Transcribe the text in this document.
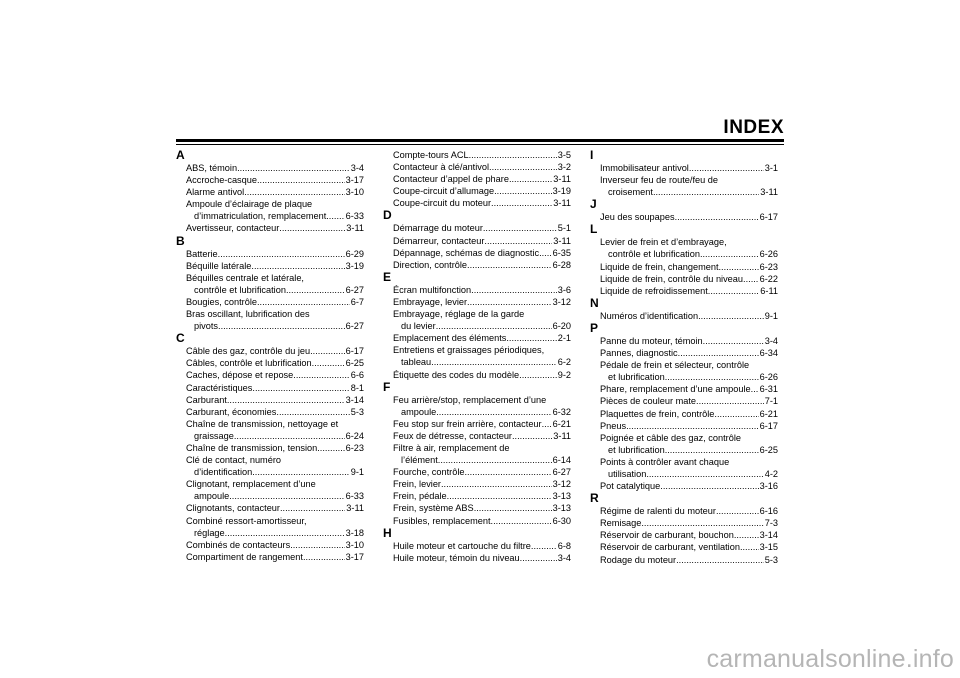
INDEX
A
ABS, témoin .....	3-4
Accroche-casque .....	3-17
Alarme antivol .....	3-10
Ampoule d’éclairage de plaque
d’immatriculation, remplacement ..... 6-33
Avertisseur, contacteur .....	3-11
B
Batterie .....	6-29
Béquille latérale .....	3-19
Béquilles centrale et latérale,
contrôle et lubrification .....	6-27
Bougies, contrôle .....	6-7
Bras oscillant, lubrification des
pivots .....	6-27
C
Câble des gaz, contrôle du jeu .....	6-17
Câbles, contrôle et lubrification .....	6-25
Caches, dépose et repose .....	6-6
Caractéristiques .....	8-1
Carburant .....	3-14
Carburant, économies .....	5-3
Chaîne de transmission, nettoyage et
graissage .....	6-24
Chaîne de transmission, tension .....	6-23
Clé de contact, numéro
d’identification .....	9-1
Clignotant, remplacement d’une
ampoule .....	6-33
Clignotants, contacteur .....	3-11
Combiné ressort-amortisseur,
réglage .....	3-18
Combinés de contacteurs .....	3-10
Compartiment de rangement .....	3-17
Compte-tours ACL .....	3-5
Contacteur à clé/antivol .....	3-2
Contacteur d’appel de phare .....	3-11
Coupe-circuit d’allumage .....	3-19
Coupe-circuit du moteur .....	3-11
D
Démarrage du moteur .....	5-1
Démarreur, contacteur .....	3-11
Dépannage, schémas de diagnostic ..... 6-35
Direction, contrôle .....	6-28
E
Écran multifonction .....	3-6
Embrayage, levier .....	3-12
Embrayage, réglage de la garde
du levier .....	6-20
Emplacement des éléments .....	2-1
Entretiens et graissages périodiques,
tableau .....	6-2
Étiquette des codes du modèle .....	9-2
F
Feu arrière/stop, remplacement d’une
ampoule .....	6-32
Feu stop sur frein arrière, contacteur ..... 6-21
Feux de détresse, contacteur .....	3-11
Filtre à air, remplacement de
l’élément .....	6-14
Fourche, contrôle .....	6-27
Frein, levier .....	3-12
Frein, pédale .....	3-13
Frein, système ABS .....	3-13
Fusibles, remplacement .....	6-30
H
Huile moteur et cartouche du filtre .....	6-8
Huile moteur, témoin du niveau .....	3-4
I
Immobilisateur antivol .....	3-1
Inverseur feu de route/feu de
croisement .....	3-11
J
Jeu des soupapes .....	6-17
L
Levier de frein et d’embrayage,
contrôle et lubrification .....	6-26
Liquide de frein, changement .....	6-23
Liquide de frein, contrôle du niveau ..... 6-22
Liquide de refroidissement .....	6-11
N
Numéros d’identification .....	9-1
P
Panne du moteur, témoin .....	3-4
Pannes, diagnostic .....	6-34
Pédale de frein et sélecteur, contrôle
et lubrification .....	6-26
Phare, remplacement d’une ampoule ..... 6-31
Pièces de couleur mate .....	7-1
Plaquettes de frein, contrôle .....	6-21
Pneus .....	6-17
Poignée et câble des gaz, contrôle
et lubrification .....	6-25
Points à contrôler avant chaque
utilisation .....	4-2
Pot catalytique .....	3-16
R
Régime de ralenti du moteur .....	6-16
Remisage .....	7-3
Réservoir de carburant, bouchon .....	3-14
Réservoir de carburant, ventilation ..... 3-15
Rodage du moteur .....	5-3
carmanualsonline.info
